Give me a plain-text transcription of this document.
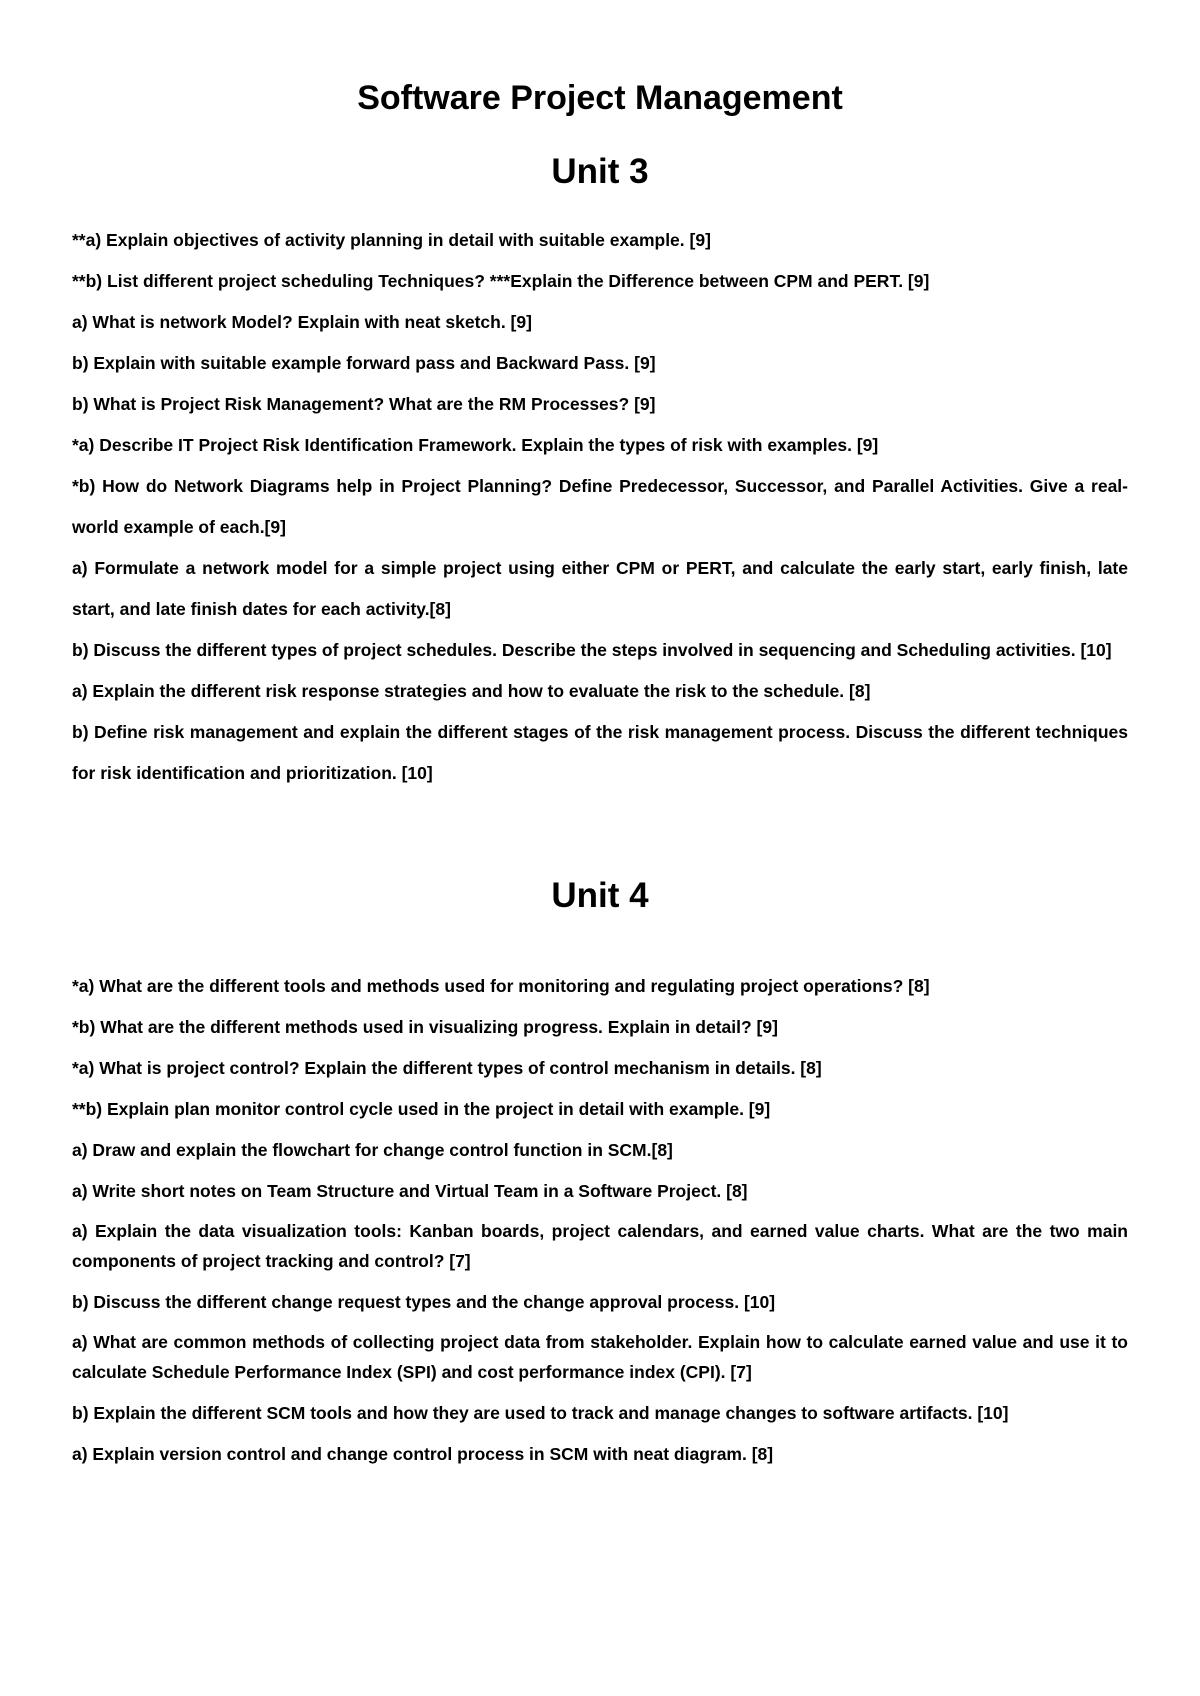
Software Project Management
Unit 3
**a) Explain objectives of activity planning in detail with suitable example. [9]
**b) List different project scheduling Techniques? ***Explain the Difference between CPM and PERT. [9]
a) What is network Model? Explain with neat sketch. [9]
b) Explain with suitable example forward pass and Backward Pass. [9]
b) What is Project Risk Management? What are the RM Processes? [9]
*a) Describe IT Project Risk Identification Framework. Explain the types of risk with examples. [9]
*b) How do Network Diagrams help in Project Planning? Define Predecessor, Successor, and Parallel Activities. Give a real-world example of each.[9]
a) Formulate a network model for a simple project using either CPM or PERT, and calculate the early start, early finish, late start, and late finish dates for each activity.[8]
b) Discuss the different types of project schedules. Describe the steps involved in sequencing and Scheduling activities. [10]
a) Explain the different risk response strategies and how to evaluate the risk to the schedule. [8]
b) Define risk management and explain the different stages of the risk management process. Discuss the different techniques for risk identification and prioritization. [10]
Unit 4
*a) What are the different tools and methods used for monitoring and regulating project operations? [8]
*b) What are the different methods used in visualizing progress. Explain in detail? [9]
*a) What is project control? Explain the different types of control mechanism in details. [8]
**b) Explain plan monitor control cycle used in the project in detail with example. [9]
a) Draw and explain the flowchart for change control function in SCM.[8]
a) Write short notes on Team Structure and Virtual Team in a Software Project. [8]
a) Explain the data visualization tools: Kanban boards, project calendars, and earned value charts. What are the two main components of project tracking and control? [7]
b) Discuss the different change request types and the change approval process. [10]
a) What are common methods of collecting project data from stakeholder. Explain how to calculate earned value and use it to calculate Schedule Performance Index (SPI) and cost performance index (CPI). [7]
b) Explain the different SCM tools and how they are used to track and manage changes to software artifacts. [10]
a) Explain version control and change control process in SCM with neat diagram. [8]
